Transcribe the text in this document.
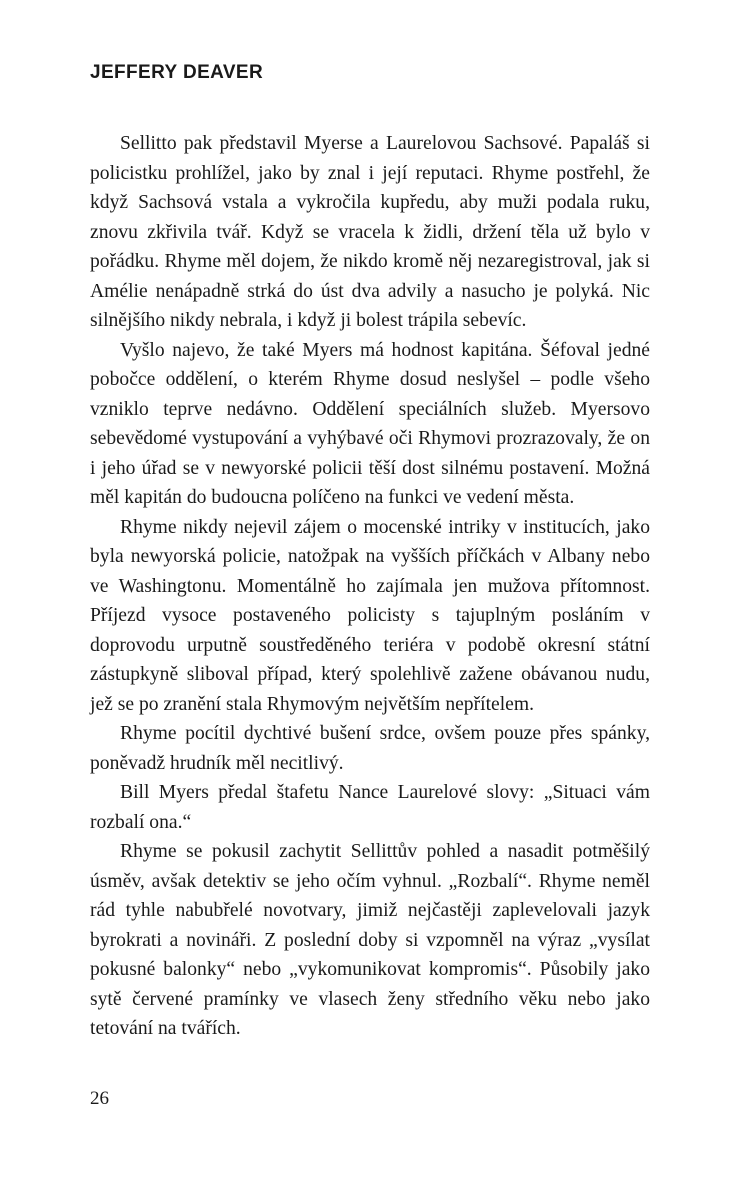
JEFFERY DEAVER

Sellitto pak představil Myerse a Laurelovou Sachsové. Papaláš si policistku prohlížel, jako by znal i její reputaci. Rhyme postřehl, že když Sachsová vstala a vykročila kupředu, aby muži podala ruku, znovu zkřivila tvář. Když se vracela k židli, držení těla už bylo v pořádku. Rhyme měl dojem, že nikdo kromě něj nezaregistroval, jak si Amélie nenápadně strká do úst dva advily a nasucho je polyká. Nic silnějšího nikdy nebrala, i když ji bolest trápila sebevíc.

Vyšlo najevo, že také Myers má hodnost kapitána. Šéfoval jedné pobočce oddělení, o kterém Rhyme dosud neslyšel – podle všeho vzniklo teprve nedávno. Oddělení speciálních služeb. Myersovo sebevědomé vystupování a vyhýbavé oči Rhymovi prozrazovaly, že on i jeho úřad se v newyorské policii těší dost silnému postavení. Možná měl kapitán do budoucna políčeno na funkci ve vedení města.

Rhyme nikdy nejevil zájem o mocenské intriky v institucích, jako byla newyorská policie, natožpak na vyšších příčkách v Albany nebo ve Washingtonu. Momentálně ho zajímala jen mužova přítomnost. Příjezd vysoce postaveného policisty s tajuplným posláním v doprovodu urputně soustředěného teriéra v podobě okresní státní zástupkyně sliboval případ, který spolehlivě zažene obávanou nudu, jež se po zranění stala Rhymovým největším nepřítelem.

Rhyme pocítil dychtivé bušení srdce, ovšem pouze přes spánky, poněvadž hrudník měl necitlivý.

Bill Myers předal štafetu Nance Laurelové slovy: „Situaci vám rozbalí ona.“

Rhyme se pokusil zachytit Sellittův pohled a nasadit potměšilý úsměv, avšak detektiv se jeho očím vyhnul. „Rozbalí“. Rhyme neměl rád tyhle nabubřelé novotvary, jimiž nejčastěji zaplevelovali jazyk byrokrati a novináři. Z poslední doby si vzpomněl na výraz „vysílat pokusné balonky“ nebo „vykomunikovat kompromis“. Působily jako sytě červené pramínky ve vlasech ženy středního věku nebo jako tetování na tvářích.

26
